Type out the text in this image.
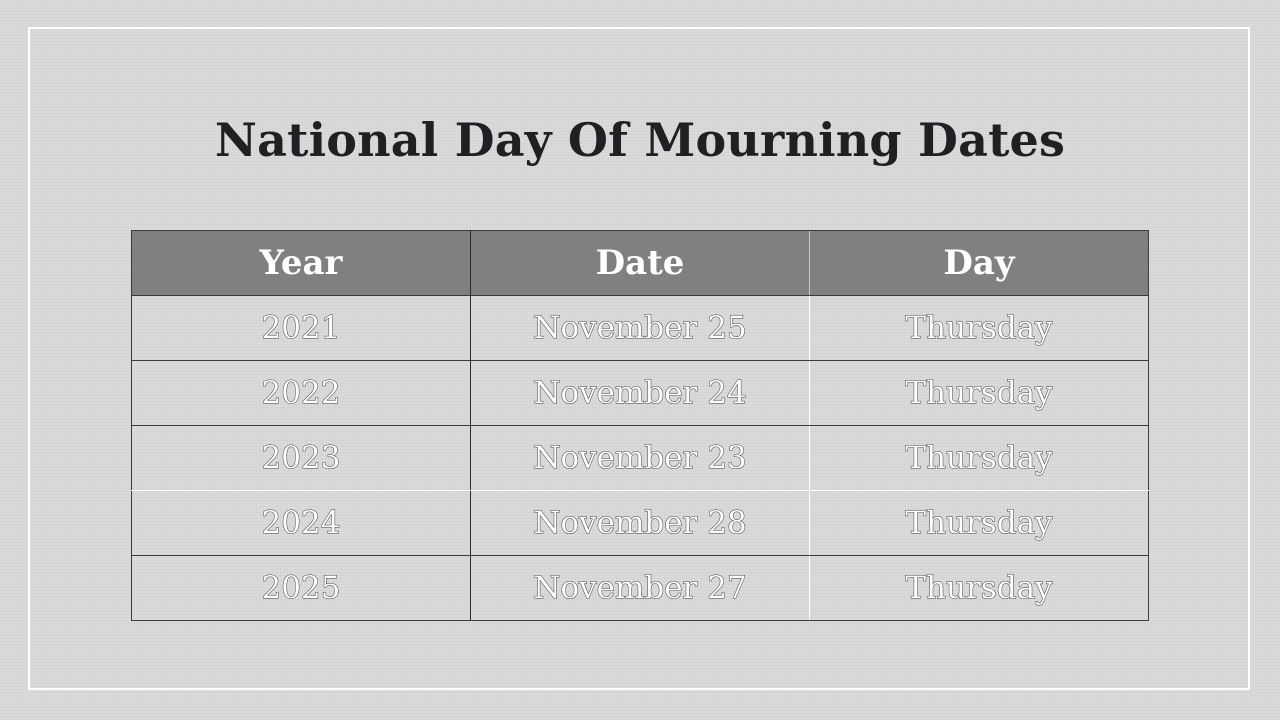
National Day Of Mourning Dates
Year	Date	Day
2021	November 25	Thursday
2022	November 24	Thursday
2023	November 23	Thursday
2024	November 28	Thursday
2025	November 27	Thursday
